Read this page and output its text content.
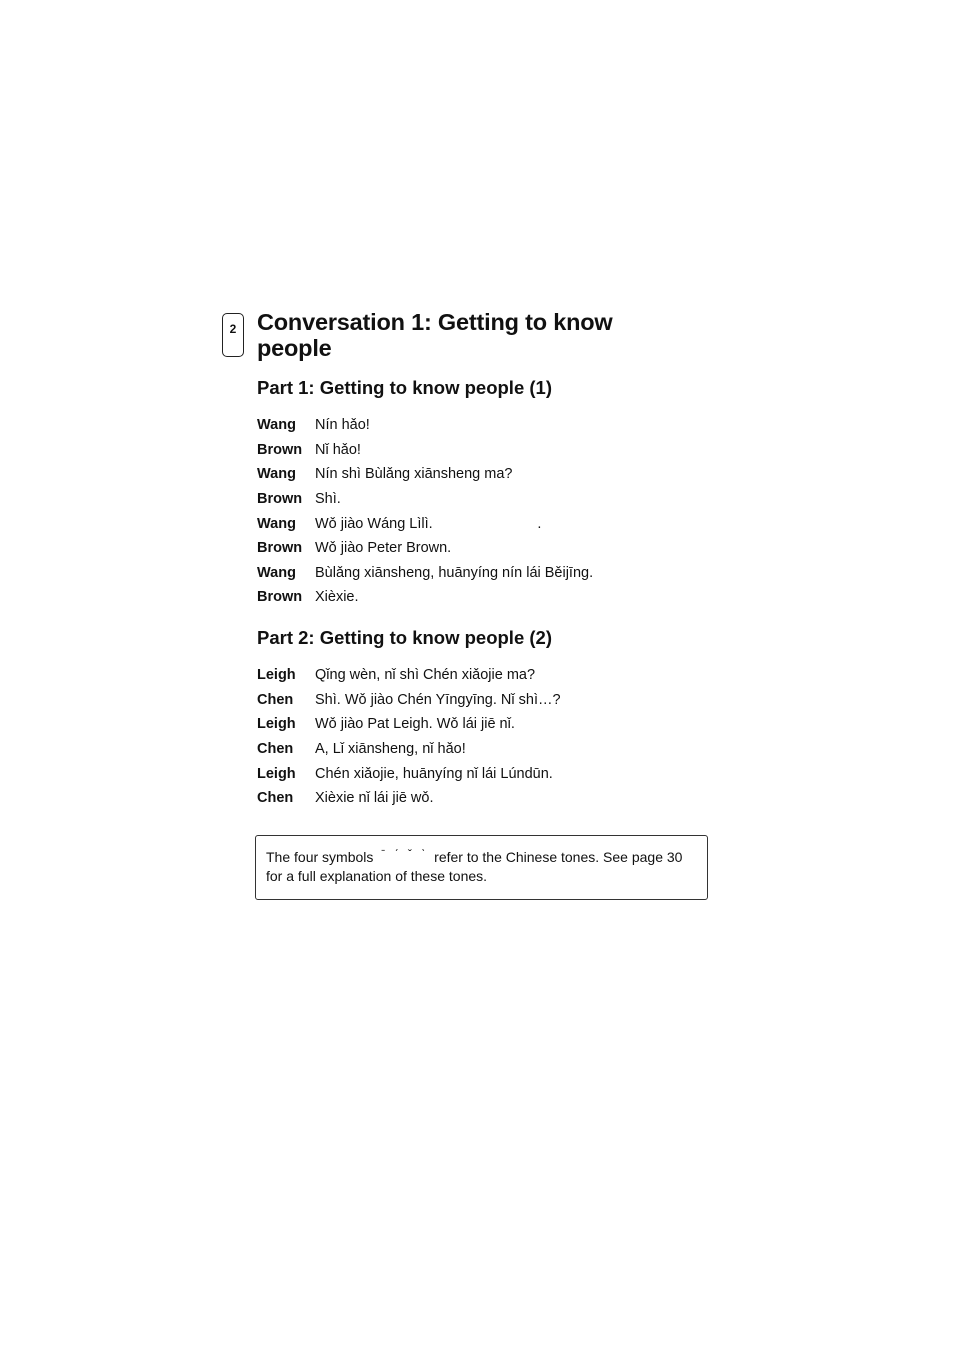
2 Conversation 1: Getting to know people
Part 1: Getting to know people (1)
Wang	Nín hǎo!
Brown Nǐ hǎo!
Wang	Nín shì Bùlǎng xiānsheng ma?
Brown Shì.
Wang	Wǒ jiào Wáng Lìlì.                          .
Brown Wǒ jiào Peter Brown.
Wang	Bùlǎng xiānsheng, huānyíng nín lái Běijīng.
Brown Xièxie.
Part 2: Getting to know people (2)
Leigh	Qǐng wèn, nǐ shì Chén xiǎojie ma?
Chen	Shì. Wǒ jiào Chén Yīngyīng. Nǐ shì…?
Leigh	Wǒ jiào Pat Leigh. Wǒ lái jiē nǐ.
Chen	A, Lǐ xiānsheng, nǐ hǎo!
Leigh	Chén xiǎojie, huānyíng nǐ lái Lúndūn.
Chen	Xièxie nǐ lái jiē wǒ.
The four symbols ˉ ˊ ˇ ˋ refer to the Chinese tones. See page 30 for a full explanation of these tones.
